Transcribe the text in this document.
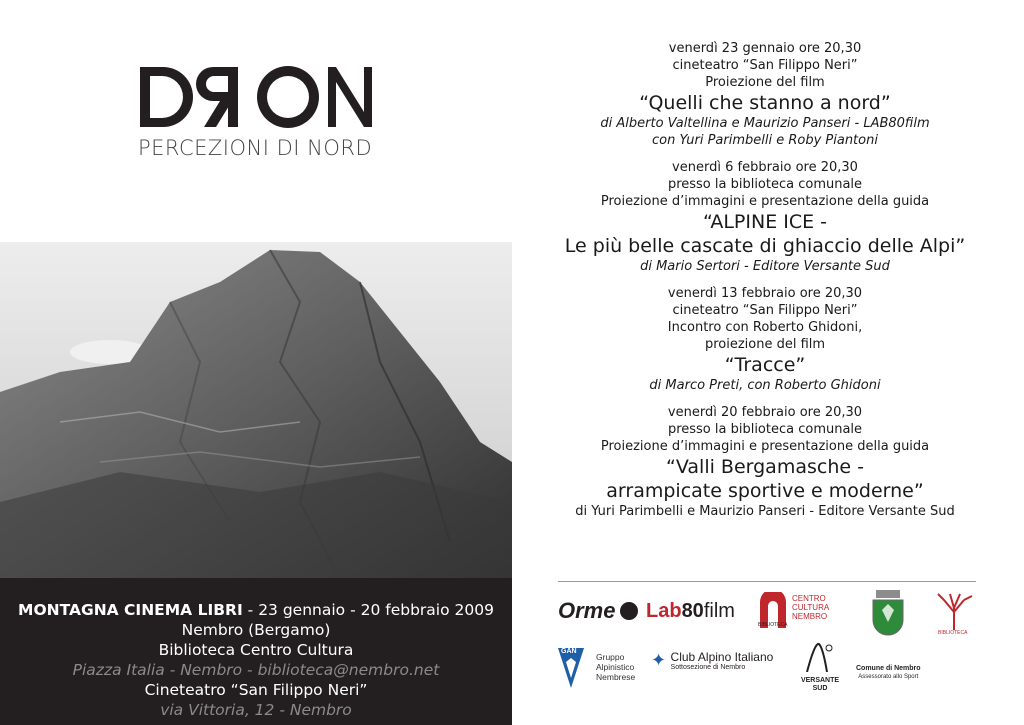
PERCEZIONI DI NORD
MONTAGNA CINEMA LIBRI - 23 gennaio - 20 febbraio 2009
Nembro (Bergamo)
Biblioteca Centro Cultura
Piazza Italia - Nembro - biblioteca@nembro.net
Cineteatro “San Filippo Neri”
via Vittoria, 12 - Nembro
venerdì 23 gennaio ore 20,30
cineteatro “San Filippo Neri”
Proiezione del film
“Quelli che stanno a nord”
di Alberto Valtellina e Maurizio Panseri - LAB80film
con Yuri Parimbelli e Roby Piantoni
venerdì 6 febbraio ore 20,30
presso la biblioteca comunale
Proiezione d’immagini e presentazione della guida
“ALPINE ICE -
Le più belle cascate di ghiaccio delle Alpi”
di Mario Sertori - Editore Versante Sud
venerdì 13 febbraio ore 20,30
cineteatro “San Filippo Neri”
Incontro con Roberto Ghidoni,
proiezione del film
“Tracce”
di Marco Preti, con Roberto Ghidoni
venerdì 20 febbraio ore 20,30
presso la biblioteca comunale
Proiezione d’immagini e presentazione della guida
“Valli Bergamasche -
arrampicate sportive e moderne”
di Yuri Parimbelli e Maurizio Panseri - Editore Versante Sud
Orme	Lab80film
BIBLIOTECA
CENTRO
CULTURA
NEMBRO
BIBLIOTECA
GAN
Gruppo
Alpinistico
Nembrese
✦ Club Alpino Italiano
Sottosezione di Nembro
VERSANTE
SUD
Comune di Nembro
Assessorato allo Sport
